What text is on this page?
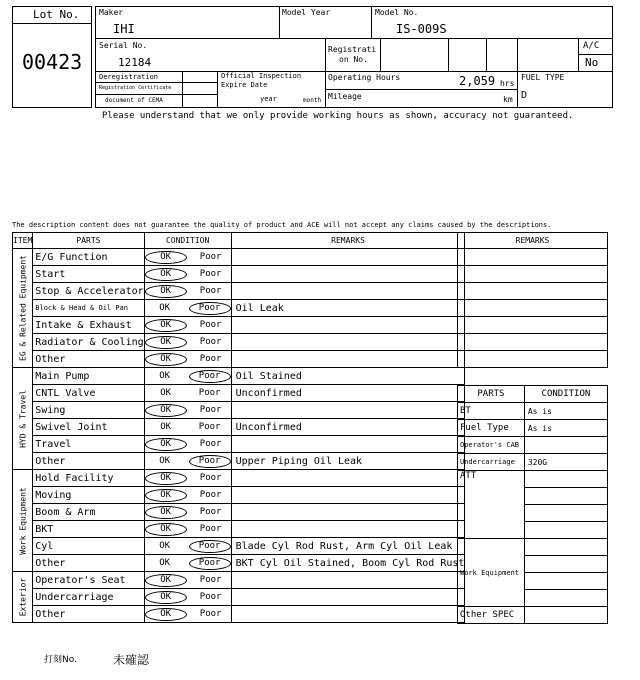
Lot No.
00423
Maker
IHI
Model Year	Model No.
IS-009S
Serial No.
12184
Registrati
on No.
A/C
No
Deregistration
Registration Certificate
document of CEMA
Official Inspection
Expire Date
year	month
Operating Hours	2,059 hrs
Mileage	km
FUEL TYPE
D
Please understand that we only provide working hours as shown, accuracy not guaranteed.
The description content does not guarantee the quality of product and ACE will not accept any claims caused by the descriptions.
ITEM	PARTS	CONDITION	REMARKS

EG & Related Equipment	E/G Function	OK Poor	
	Start	OK Poor	
	Stop & Accelerator	OK Poor	
	Block & Head & Oil Pan	OK Poor	Oil Leak
	Intake & Exhaust	OK Poor	
	Radiator & Cooling	OK Poor	
	Other	OK Poor	

HYD & Travel	Main Pump	OK Poor	Oil Stained
	CNTL Valve	OK Poor	Unconfirmed
	Swing	OK Poor	
	Swivel Joint	OK Poor	Unconfirmed
	Travel	OK Poor	
	Other	OK Poor	Upper Piping Oil Leak

Work Equipment	Hold Facility	OK Poor	
	Moving	OK Poor	
	Boom & Arm	OK Poor	
	BKT	OK Poor	
	Cyl	OK Poor	Blade Cyl Rod Rust, Arm Cyl Oil Leak
	Other	OK Poor	BKT Cyl Oil Stained, Boom Cyl Rod Rust

Exterior	Operator's Seat	OK Poor	
	Undercarriage	OK Poor	
	Other	OK Poor	
REMARKS

PARTS	CONDITION
BT	As is
Fuel Type	As is
Operator's CAB	
Undercarriage	320G
ATT	

Work Equipment	

Other SPEC	
打刻No.	未確認
